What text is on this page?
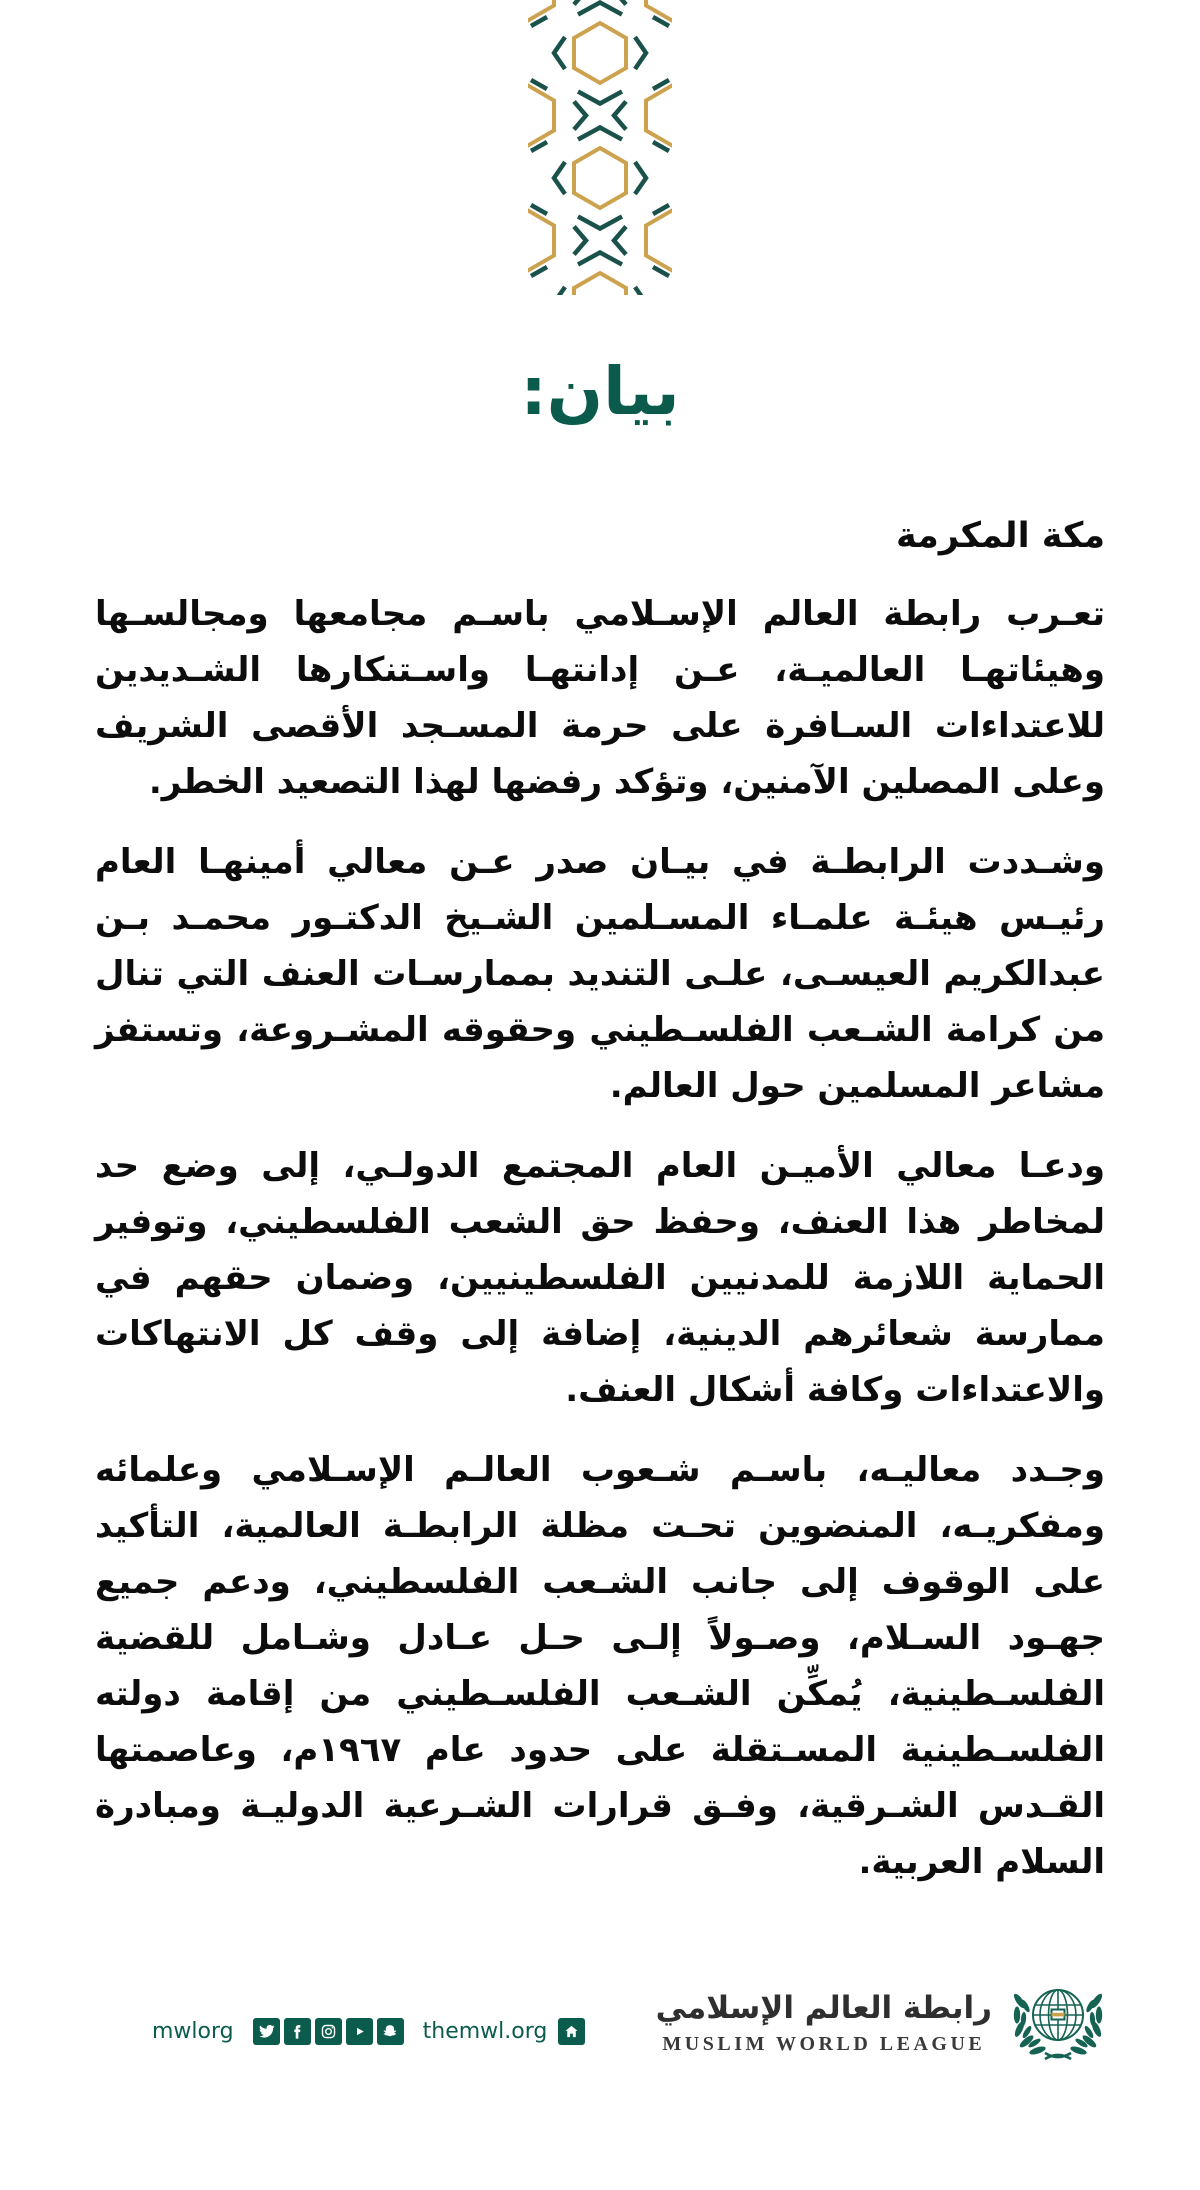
بيان:
مكة المكرمة

تعـرب رابطة العالم الإسـلامي باسـم مجامعها ومجالسـها وهيئاتهـا العالميـة، عـن إدانتهـا واسـتنكارها الشـديدين للاعتداءات السـافرة على حرمة المسـجد الأقصى الشريف وعلى المصلين الآمنين، وتؤكد رفضها لهذا التصعيد الخطر.

وشـددت الرابطـة في بيـان صدر عـن معالي أمينهـا العام رئيـس هيئـة علمـاء المسـلمين الشـيخ الدكتـور محمـد بـن عبدالكريم العيسـى، علـى التنديد بممارسـات العنف التي تنال من كرامة الشـعب الفلسـطيني وحقوقه المشـروعة، وتستفز مشاعر المسلمين حول العالم.

ودعـا معالي الأميـن العام المجتمع الدولـي، إلى وضع حد لمخاطر هذا العنف، وحفظ حق الشعب الفلسطيني، وتوفير الحماية اللازمة للمدنيين الفلسطينيين، وضمان حقهم في ممارسة شعائرهم الدينية، إضافة إلى وقف كل الانتهاكات والاعتداءات وكافة أشكال العنف.

وجـدد معاليـه، باسـم شـعوب العالـم الإسـلامي وعلمائه ومفكريـه، المنضوين تحـت مظلة الرابطـة العالمية، التأكيد على الوقوف إلى جانب الشـعب الفلسطيني، ودعم جميع جهـود السـلام، وصـولاً إلـى حـل عـادل وشـامل للقضية الفلسـطينية، يُمكِّن الشـعب الفلسـطيني من إقامة دولته الفلسـطينية المسـتقلة على حدود عام ١٩٦٧م، وعاصمتها القـدس الشـرقية، وفـق قرارات الشـرعية الدوليـة ومبادرة السلام العربية.

mwlorg	themwl.org
رابطة العالم الإسلامي
MUSLIM WORLD LEAGUE
